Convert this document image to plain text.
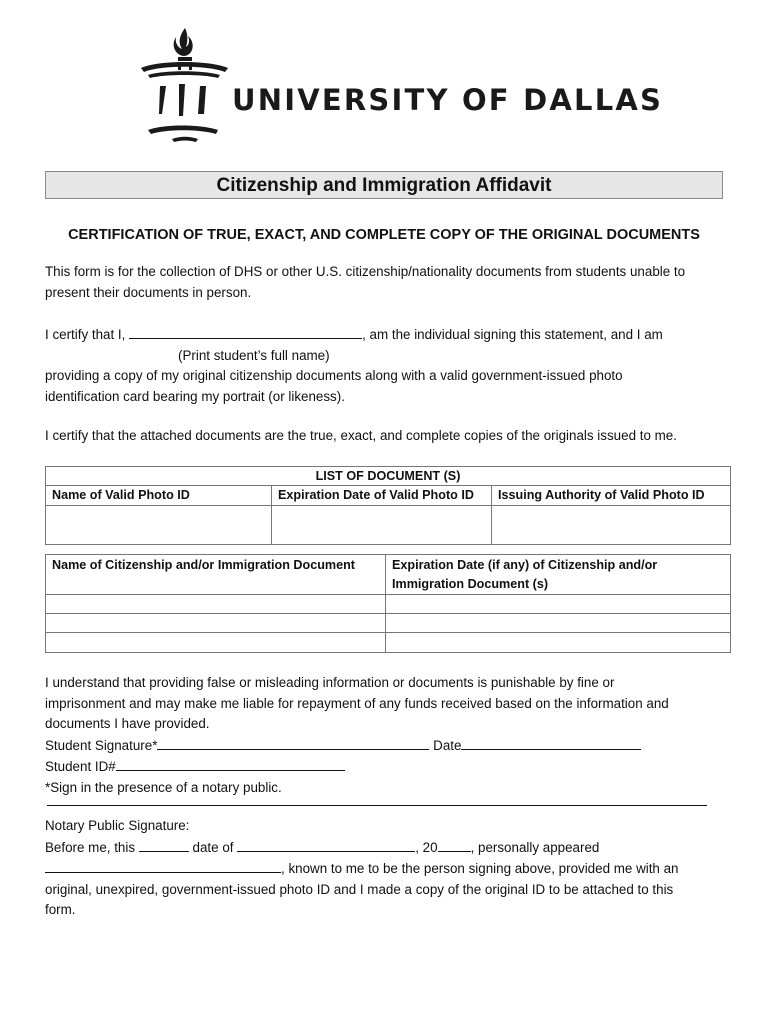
UNIVERSITY OF DALLAS
Citizenship and Immigration Affidavit
CERTIFICATION OF TRUE, EXACT, AND COMPLETE COPY OF THE ORIGINAL DOCUMENTS
This form is for the collection of DHS or other U.S. citizenship/nationality documents from students unable to
present their documents in person.
I certify that I,	, am the individual signing this statement, and I am
(Print student’s full name)
providing a copy of my original citizenship documents along with a valid government-issued photo
identification card bearing my portrait (or likeness).
I certify that the attached documents are the true, exact, and complete copies of the originals issued to me.
LIST OF DOCUMENT (S)		
Name of Valid Photo ID	Expiration Date of Valid Photo ID	Issuing Authority of Valid Photo ID

Name of Citizenship and/or Immigration Document	Expiration Date (if any) of Citizenship and/or
Immigration Document (s)

I understand that providing false or misleading information or documents is punishable by fine or
imprisonment and may make me liable for repayment of any funds received based on the information and
documents I have provided.
Student Signature*	Date
Student ID#
*Sign in the presence of a notary public.
Notary Public Signature:
Before me, this	date of	, 20 , personally appeared
, known to me to be the person signing above, provided me with an
original, unexpired, government-issued photo ID and I made a copy of the original ID to be attached to this
form.
